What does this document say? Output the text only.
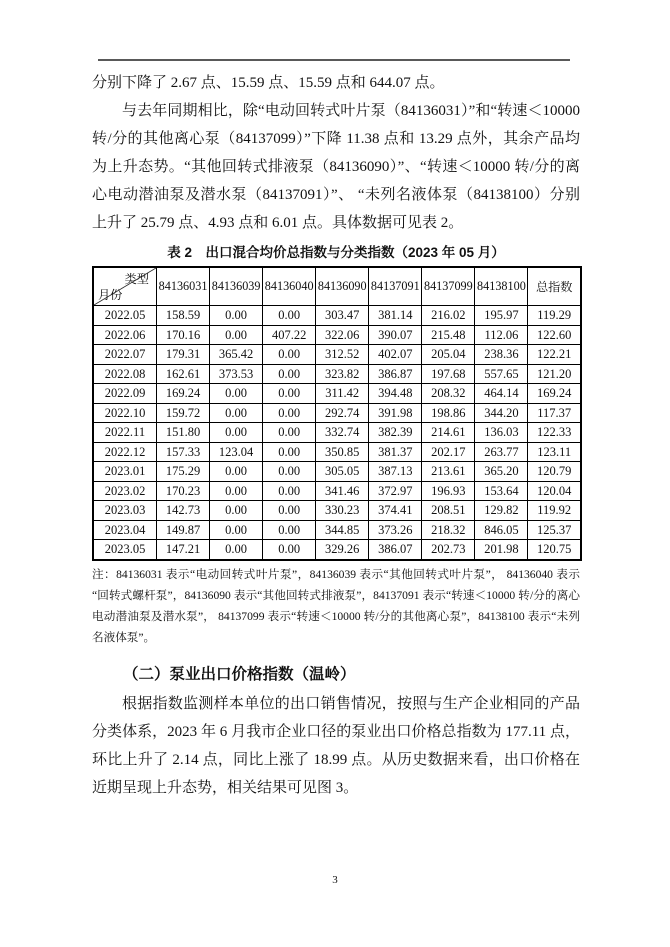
分别下降了 2.67 点、15.59 点、15.59 点和 644.07 点。

与去年同期相比，除“电动回转式叶片泵（84136031）”和“转速＜10000 转/分的其他离心泵（84137099）”下降 11.38 点和 13.29 点外，其余产品均为上升态势。“其他回转式排液泵（84136090）”、“转速＜10000 转/分的离心电动潜油泵及潜水泵（84137091）”、 “未列名液体泵（84138100）分别上升了 25.79 点、4.93 点和 6.01 点。具体数据可见表 2。

表 2　出口混合均价总指数与分类指数（2023 年 05 月）
类型
月份	84136031	84136039	84136040	84136090	84137091	84137099	84138100	总指数
2022.05	158.59	0.00	0.00	303.47	381.14	216.02	195.97	119.29
2022.06	170.16	0.00	407.22	322.06	390.07	215.48	112.06	122.60
2022.07	179.31	365.42	0.00	312.52	402.07	205.04	238.36	122.21
2022.08	162.61	373.53	0.00	323.82	386.87	197.68	557.65	121.20
2022.09	169.24	0.00	0.00	311.42	394.48	208.32	464.14	169.24
2022.10	159.72	0.00	0.00	292.74	391.98	198.86	344.20	117.37
2022.11	151.80	0.00	0.00	332.74	382.39	214.61	136.03	122.33
2022.12	157.33	123.04	0.00	350.85	381.37	202.17	263.77	123.11
2023.01	175.29	0.00	0.00	305.05	387.13	213.61	365.20	120.79
2023.02	170.23	0.00	0.00	341.46	372.97	196.93	153.64	120.04
2023.03	142.73	0.00	0.00	330.23	374.41	208.51	129.82	119.92
2023.04	149.87	0.00	0.00	344.85	373.26	218.32	846.05	125.37
2023.05	147.21	0.00	0.00	329.26	386.07	202.73	201.98	120.75

注：84136031 表示“电动回转式叶片泵”，84136039 表示“其他回转式叶片泵”， 84136040 表示“回转式螺杆泵”，84136090 表示“其他回转式排液泵”，84137091 表示“转速＜10000 转/分的离心电动潜油泵及潜水泵”， 84137099 表示“转速＜10000 转/分的其他离心泵”，84138100 表示“未列名液体泵”。

（二）泵业出口价格指数（温岭）

根据指数监测样本单位的出口销售情况，按照与生产企业相同的产品分类体系，2023 年 6 月我市企业口径的泵业出口价格总指数为 177.11 点，环比上升了 2.14 点，同比上涨了 18.99 点。从历史数据来看，出口价格在近期呈现上升态势，相关结果可见图 3。

3
